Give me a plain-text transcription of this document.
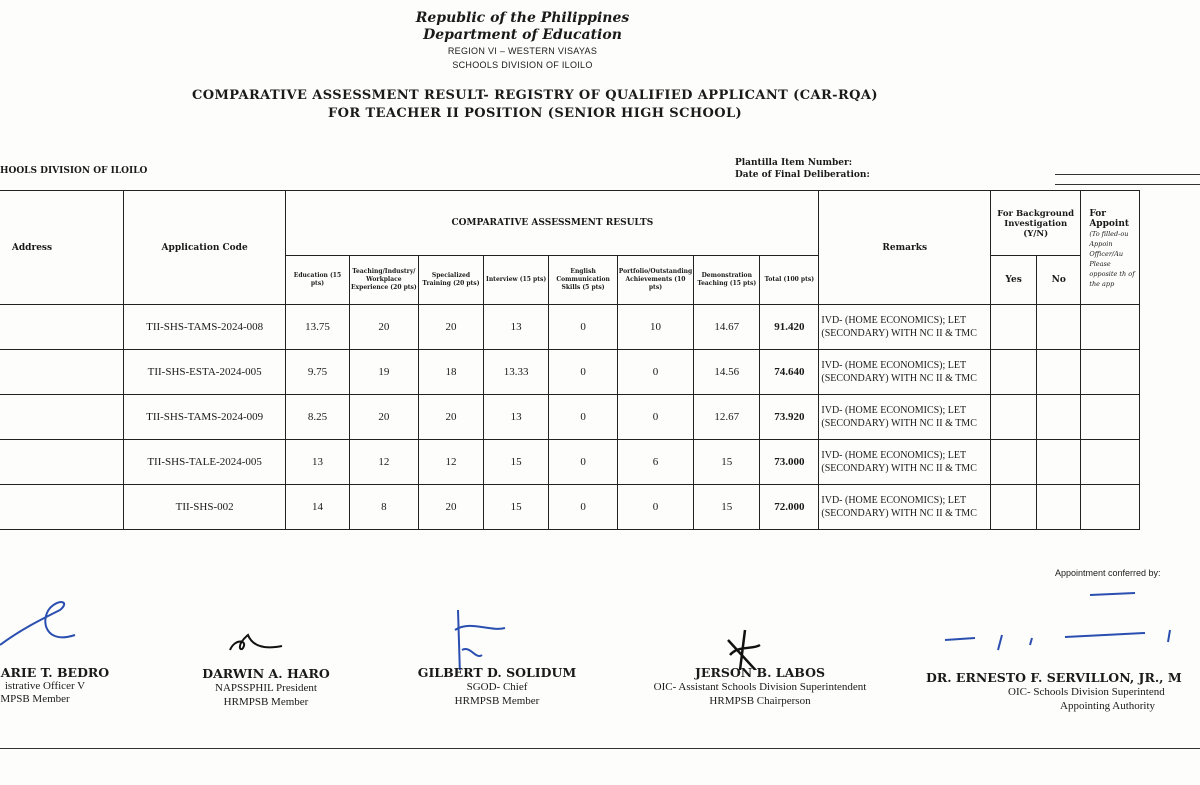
Republic of the Philippines
Department of Education
REGION VI – WESTERN VISAYAS
SCHOOLS DIVISION OF ILOILO
COMPARATIVE ASSESSMENT RESULT- REGISTRY OF QUALIFIED APPLICANT (CAR-RQA)
FOR TEACHER II POSITION (SENIOR HIGH SCHOOL)
HOOLS DIVISION OF ILOILO
Plantilla Item Number:
Date of Final Deliberation:
Address	Application Code	COMPARATIVE ASSESSMENT RESULTS								Remarks	For Background Investigation (Y/N)		For Appoint
(To filled-ou Appoin Officer/Au Please opposite th of the app

		Education (15 pts)	Teaching/Industry/ Workplace Experience (20 pts)	Specialized Training (20 pts)	Interview (15 pts)	English Communication Skills (5 pts)	Portfolio/Outstanding Achievements (10 pts)	Demonstration Teaching (15 pts)	Total (100 pts)		Yes	No	
	TII-SHS-TAMS-2024-008	13.75	20	20	13	0	10	14.67	91.420	IVD- (HOME ECONOMICS); LET
(SECONDARY) WITH NC II & TMC			

	TII-SHS-ESTA-2024-005	9.75	19	18	13.33	0	0	14.56	74.640	IVD- (HOME ECONOMICS); LET
(SECONDARY) WITH NC II & TMC			

	TII-SHS-TAMS-2024-009	8.25	20	20	13	0	0	12.67	73.920	IVD- (HOME ECONOMICS); LET
(SECONDARY) WITH NC II & TMC			

	TII-SHS-TALE-2024-005	13	12	12	15	0	6	15	73.000	IVD- (HOME ECONOMICS); LET
(SECONDARY) WITH NC II & TMC			

	TII-SHS-002	14	8	20	15	0	0	15	72.000	IVD- (HOME ECONOMICS); LET
(SECONDARY) WITH NC II & TMC			

Appointment conferred by:
ARIE T. BEDRO
istrative Officer V
MPSB Member
DARWIN A. HARO
NAPSSPHIL President
HRMPSB Member
GILBERT D. SOLIDUM
SGOD- Chief
HRMPSB Member
JERSON B. LABOS
OIC- Assistant Schools Division Superintendent
HRMPSB Chairperson
DR. ERNESTO F. SERVILLON, JR., M
OIC- Schools Division Superintend
Appointing Authority
